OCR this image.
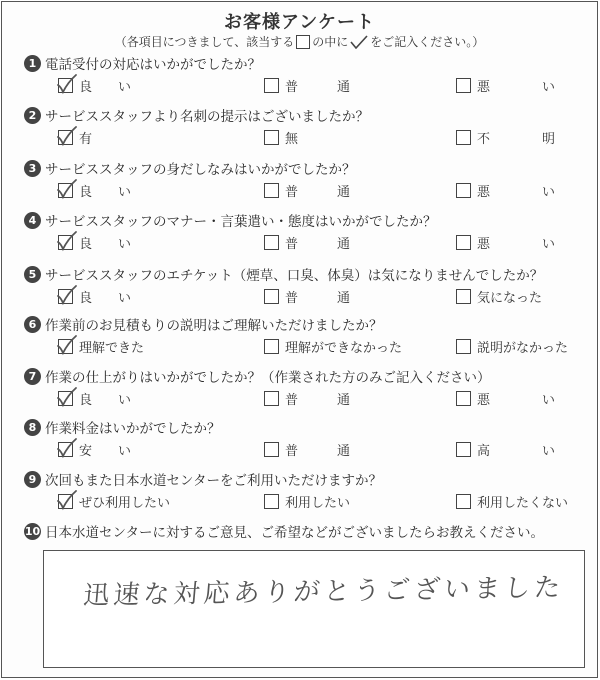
お客様アンケート
（各項目につきまして、該当する の中に をご記入ください。）
1 電話受付の対応はいかがでしたか？
良　　い	普　　　通	悪　　　　い
2 サービススタッフより名刺の提示はございましたか？
有	無	不　　　　明
3 サービススタッフの身だしなみはいかがでしたか？
良　　い	普　　　通	悪　　　　い
4 サービススタッフのマナー・言葉遣い・態度はいかがでしたか？
良　　い	普　　　通	悪　　　　い
5 サービススタッフのエチケット（煙草、口臭、体臭）は気になりませんでしたか？
良　　い	普　　　通	気になった
6 作業前のお見積もりの説明はご理解いただけましたか？
理解できた	理解ができなかった	説明がなかった
7 作業の仕上がりはいかがでしたか？（作業された方のみご記入ください）
良　　い	普　　　通	悪　　　　い
8 作業料金はいかがでしたか？
安　　い	普　　　通	高　　　　い
9 次回もまた日本水道センターをご利用いただけますか？
ぜひ利用したい	利用したい	利用したくない
10 日本水道センターに対するご意見、ご希望などがございましたらお教えください。
迅速な対応ありがとうございました
